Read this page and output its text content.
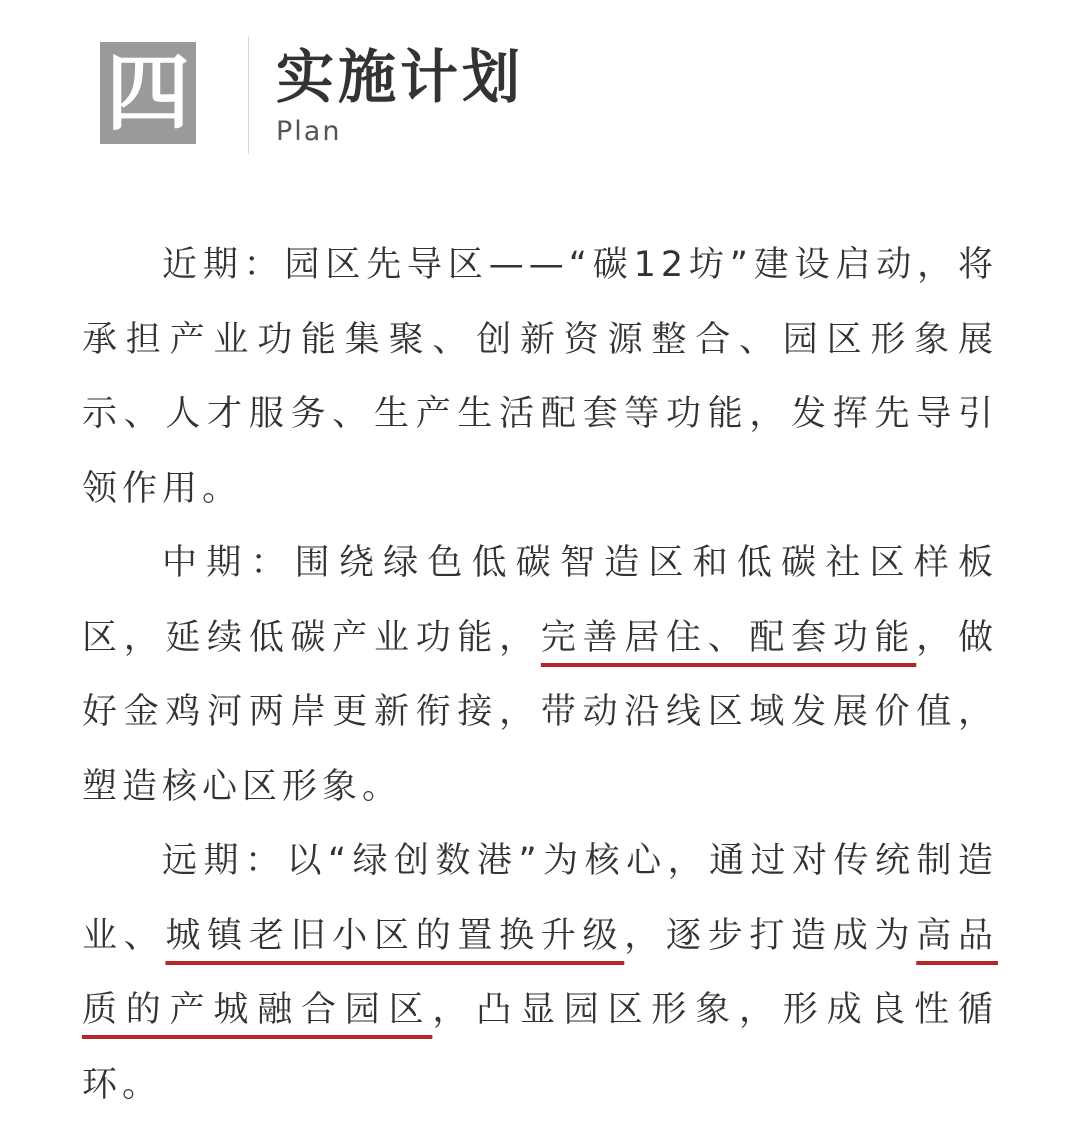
四 实施计划
Plan

近期：园区先导区——“碳12坊”建设启动，将承担产业功能集聚、创新资源整合、园区形象展示、人才服务、生产生活配套等功能，发挥先导引领作用。

中期：围绕绿色低碳智造区和低碳社区样板区，延续低碳产业功能，完善居住、配套功能，做好金鸡河两岸更新衔接，带动沿线区域发展价值，塑造核心区形象。

远期：以“绿创数港”为核心，通过对传统制造业、城镇老旧小区的置换升级，逐步打造成为高品质的产城融合园区，凸显园区形象，形成良性循环。
